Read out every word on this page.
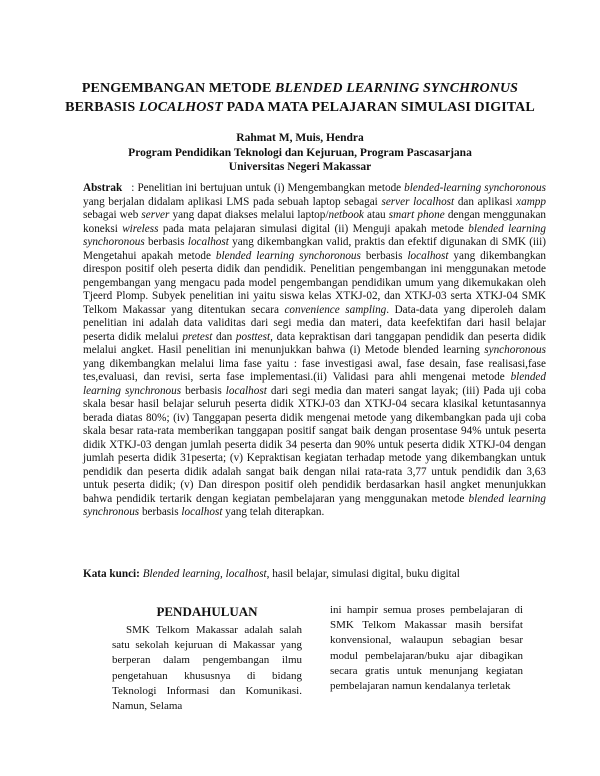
PENGEMBANGAN METODE BLENDED LEARNING SYNCHRONUS
BERBASIS LOCALHOST PADA MATA PELAJARAN SIMULASI DIGITAL
Rahmat M, Muis, Hendra
Program Pendidikan Teknologi dan Kejuruan, Program Pascasarjana
Universitas Negeri Makassar
Abstrak : Penelitian ini bertujuan untuk (i) Mengembangkan metode blended-learning synchoronous yang berjalan didalam aplikasi LMS pada sebuah laptop sebagai server localhost dan aplikasi xampp sebagai web server yang dapat diakses melalui laptop/netbook atau smart phone dengan menggunakan koneksi wireless pada mata pelajaran simulasi digital (ii) Menguji apakah metode blended learning synchoronous berbasis localhost yang dikembangkan valid, praktis dan efektif digunakan di SMK (iii) Mengetahui apakah metode blended learning synchoronous berbasis localhost yang dikembangkan direspon positif oleh peserta didik dan pendidik. Penelitian pengembangan ini menggunakan metode pengembangan yang mengacu pada model pengembangan pendidikan umum yang dikemukakan oleh Tjeerd Plomp. Subyek penelitian ini yaitu siswa kelas XTKJ-02, dan XTKJ-03 serta XTKJ-04 SMK Telkom Makassar yang ditentukan secara convenience sampling. Data-data yang diperoleh dalam penelitian ini adalah data validitas dari segi media dan materi, data keefektifan dari hasil belajar peserta didik melalui pretest dan posttest, data kepraktisan dari tanggapan pendidik dan peserta didik melalui angket. Hasil penelitian ini menunjukkan bahwa (i) Metode blended learning synchoronous yang dikembangkan melalui lima fase yaitu : fase investigasi awal, fase desain, fase realisasi,fase tes,evaluasi, dan revisi, serta fase implementasi.(ii) Validasi para ahli mengenai metode blended learning synchronous berbasis localhost dari segi media dan materi sangat layak; (iii) Pada uji coba skala besar hasil belajar seluruh peserta didik XTKJ-03 dan XTKJ-04 secara klasikal ketuntasannya berada diatas 80%; (iv) Tanggapan peserta didik mengenai metode yang dikembangkan pada uji coba skala besar rata-rata memberikan tanggapan positif sangat baik dengan prosentase 94% untuk peserta didik XTKJ-03 dengan jumlah peserta didik 34 peserta dan 90% untuk peserta didik XTKJ-04 dengan jumlah peserta didik 31peserta; (v) Kepraktisan kegiatan terhadap metode yang dikembangkan untuk pendidik dan peserta didik adalah sangat baik dengan nilai rata-rata 3,77 untuk pendidik dan 3,63 untuk peserta didik; (v) Dan direspon positif oleh pendidik berdasarkan hasil angket menunjukkan bahwa pendidik tertarik dengan kegiatan pembelajaran yang menggunakan metode blended learning synchronous berbasis localhost yang telah diterapkan.
Kata kunci: Blended learning, localhost, hasil belajar, simulasi digital, buku digital
PENDAHULUAN
SMK Telkom Makassar adalah salah satu sekolah kejuruan di Makassar yang berperan dalam pengembangan ilmu pengetahuan khususnya di bidang Teknologi Informasi dan Komunikasi. Namun, Selama
ini hampir semua proses pembelajaran di SMK Telkom Makassar masih bersifat konvensional, walaupun sebagian besar modul pembelajaran/buku ajar dibagikan secara gratis untuk menunjang kegiatan pembelajaran namun kendalanya terletak
